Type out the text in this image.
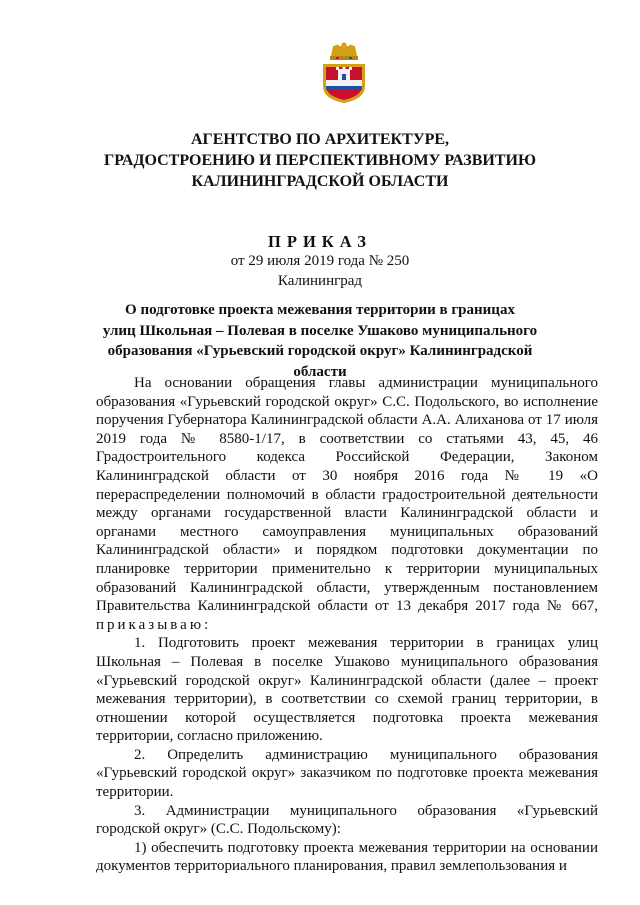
АГЕНТСТВО ПО АРХИТЕКТУРЕ,
ГРАДОСТРОЕНИЮ И ПЕРСПЕКТИВНОМУ РАЗВИТИЮ
КАЛИНИНГРАДСКОЙ ОБЛАСТИ
ПРИКАЗ
от 29 июля 2019 года № 250
Калининград
О подготовке проекта межевания территории в границах
улиц Школьная – Полевая в поселке Ушаково муниципального
образования «Гурьевский городской округ» Калининградской области

На основании обращения главы администрации муниципального образования «Гурьевский городской округ» С.С. Подольского, во исполнение поручения Губернатора Калининградской области А.А. Алиханова от 17 июля 2019 года № 8580-1/17, в соответствии со статьями 43, 45, 46 Градостроительного кодекса Российской Федерации, Законом Калининградской области от 30 ноября 2016 года № 19 «О перераспределении полномочий в области градостроительной деятельности между органами государственной власти Калининградской области и органами местного самоуправления муниципальных образований Калининградской области» и порядком подготовки документации по планировке территории применительно к территории муниципальных образований Калининградской области, утвержденным постановлением Правительства Калининградской области от 13 декабря 2017 года № 667, приказываю:

1. Подготовить проект межевания территории в границах улиц Школьная – Полевая в поселке Ушаково муниципального образования «Гурьевский городской округ» Калининградской области (далее – проект межевания территории), в соответствии со схемой границ территории, в отношении которой осуществляется подготовка проекта межевания территории, согласно приложению.

2. Определить администрацию муниципального образования «Гурьевский городской округ» заказчиком по подготовке проекта межевания территории.

3. Администрации муниципального образования «Гурьевский городской округ» (С.С. Подольскому):

1) обеспечить подготовку проекта межевания территории на основании документов территориального планирования, правил землепользования и
